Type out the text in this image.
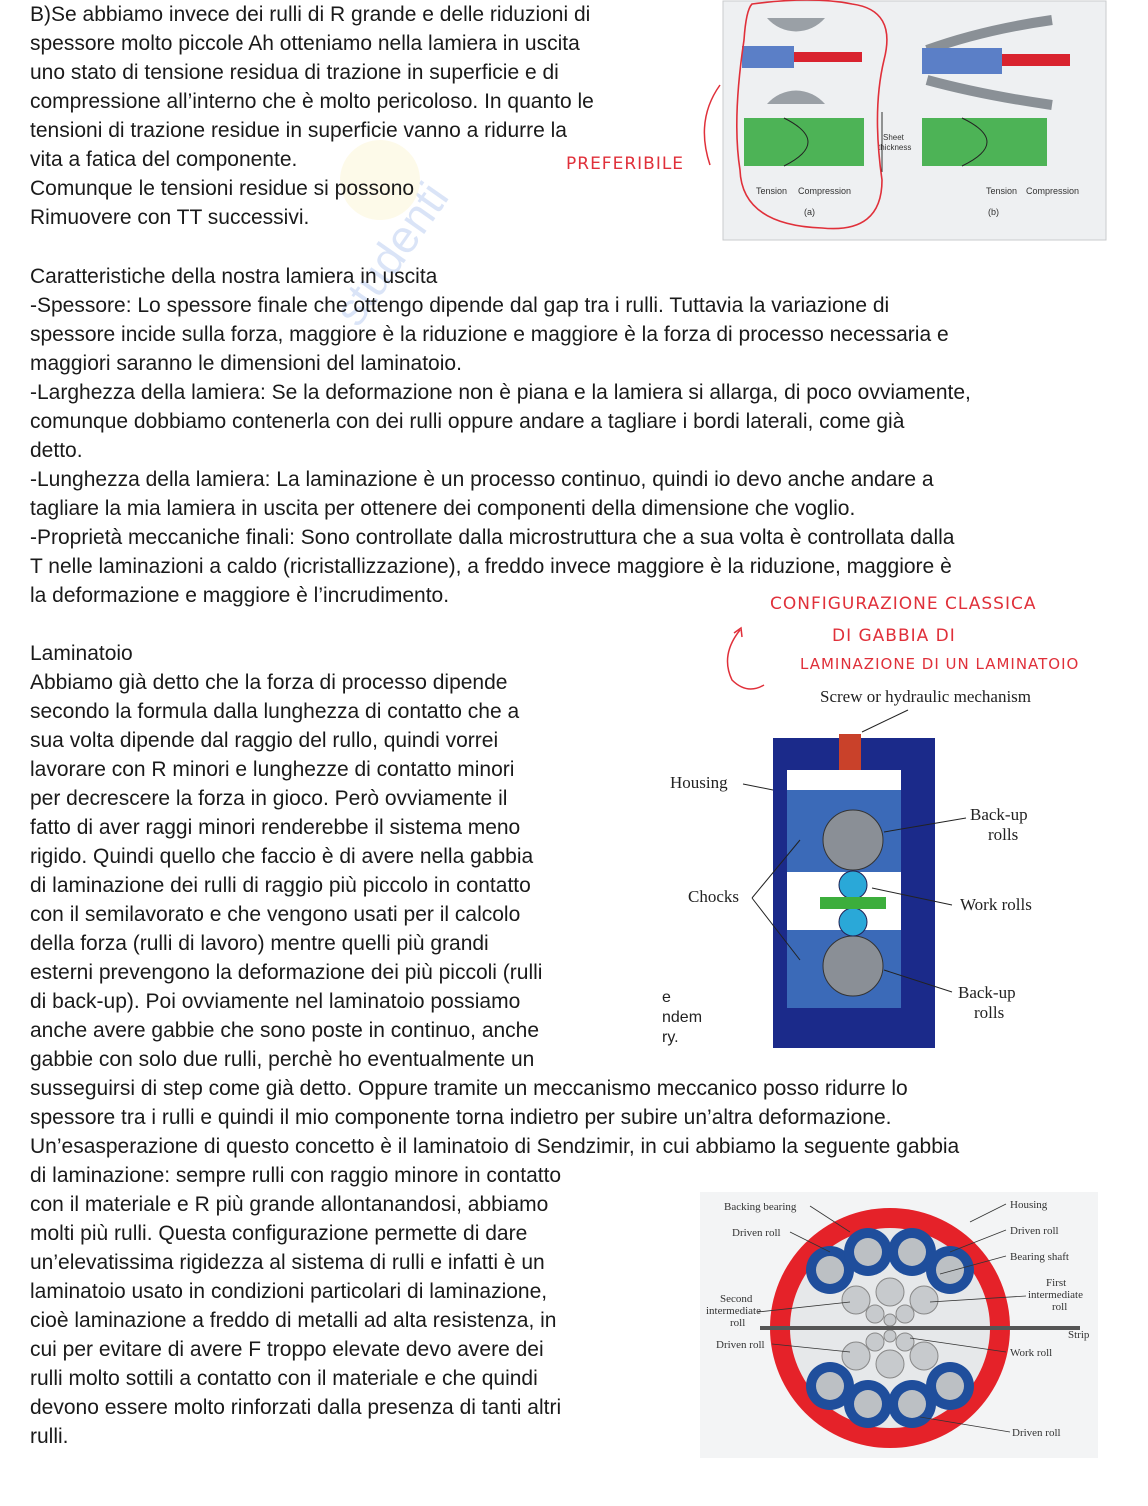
studenti

B)Se abbiamo invece dei rulli di R grande e delle riduzioni di

spessore molto piccole Ah otteniamo nella lamiera in uscita

uno stato di tensione residua di trazione in superficie e di

compressione all’interno che è molto pericoloso. In quanto le

tensioni di trazione residue in superficie vanno a ridurre la

vita a fatica del componente.

Comunque le tensioni residue si possono

Rimuovere con TT successivi.

Sheet
thickness
Tension Compression	Tension Compression
(a)	(b)
PREFERIBILE

Caratteristiche della nostra lamiera in uscita

-Spessore: Lo spessore finale che ottengo dipende dal gap tra i rulli. Tuttavia la variazione di

spessore incide sulla forza, maggiore è la riduzione e maggiore è la forza di processo necessaria e

maggiori saranno le dimensioni del laminatoio.

-Larghezza della lamiera: Se la deformazione non è piana e la lamiera si allarga, di poco ovviamente,

comunque dobbiamo contenerla con dei rulli oppure andare a tagliare i bordi laterali, come già

detto.

-Lunghezza della lamiera: La laminazione è un processo continuo, quindi io devo anche andare a

tagliare la mia lamiera in uscita per ottenere dei componenti della dimensione che voglio.

-Proprietà meccaniche finali: Sono controllate dalla microstruttura che a sua volta è controllata dalla

T nelle laminazioni a caldo (ricristallizzazione), a freddo invece maggiore è la riduzione, maggiore è

la deformazione e maggiore è l’incrudimento.	CONFIGURAZIONE CLASSICA
DI GABBIA DI
LAMINAZIONE DI UN LAMINATOIO

Laminatoio

Abbiamo già detto che la forza di processo dipende

secondo la formula dalla lunghezza di contatto che a

sua volta dipende dal raggio del rullo, quindi vorrei

lavorare con R minori e lunghezze di contatto minori

per decrescere la forza in gioco. Però ovviamente il

fatto di aver raggi minori renderebbe il sistema meno

rigido. Quindi quello che faccio è di avere nella gabbia

di laminazione dei rulli di raggio più piccolo in contatto

con il semilavorato e che vengono usati per il calcolo

della forza (rulli di lavoro) mentre quelli più grandi

esterni prevengono la deformazione dei più piccoli (rulli

di back-up). Poi ovviamente nel laminatoio possiamo

anche avere gabbie che sono poste in continuo, anche

gabbie con solo due rulli, perchè ho eventualmente un

susseguirsi di step come già detto. Oppure tramite un meccanismo meccanico posso ridurre lo

spessore tra i rulli e quindi il mio componente torna indietro per subire un’altra deformazione.

Un’esasperazione di questo concetto è il laminatoio di Sendzimir, in cui abbiamo la seguente gabbia

di laminazione: sempre rulli con raggio minore in contatto

con il materiale e R più grande allontanandosi, abbiamo

molti più rulli. Questa configurazione permette di dare

un’elevatissima rigidezza al sistema di rulli e infatti è un

laminatoio usato in condizioni particolari di laminazione,

cioè laminazione a freddo di metalli ad alta resistenza, in

cui per evitare di avere F troppo elevate devo avere dei

rulli molto sottili a contatto con il materiale e che quindi

devono essere molto rinforzati dalla presenza di tanti altri

rulli.

Screw or hydraulic mechanism
Housing
Back-up
rolls
Chocks	Work rolls
Back-up
rolls
e
ndem
ry.
Backing bearing
Driven roll
Second
intermediate
roll
Driven roll
Housing
Driven roll
Bearing shaft
First
intermediate
roll
Strip
Work roll
Driven roll
